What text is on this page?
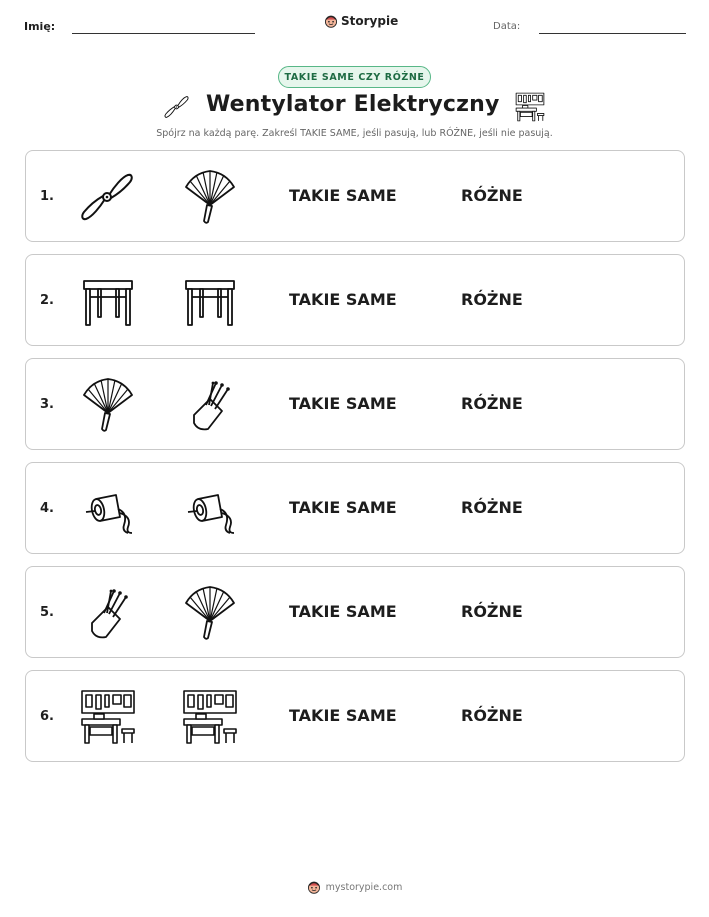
Imię:	Storypie	Data:
TAKIE SAME CZY RÓŻNE
Wentylator Elektryczny
Spójrz na każdą parę. Zakreśl TAKIE SAME, jeśli pasują, lub RÓŻNE, jeśli nie pasują.
1.	TAKIE SAME	RÓŻNE
2.	TAKIE SAME	RÓŻNE
3.	TAKIE SAME	RÓŻNE
4.	TAKIE SAME	RÓŻNE
5.	TAKIE SAME	RÓŻNE
6.	TAKIE SAME	RÓŻNE
mystorypie.com
